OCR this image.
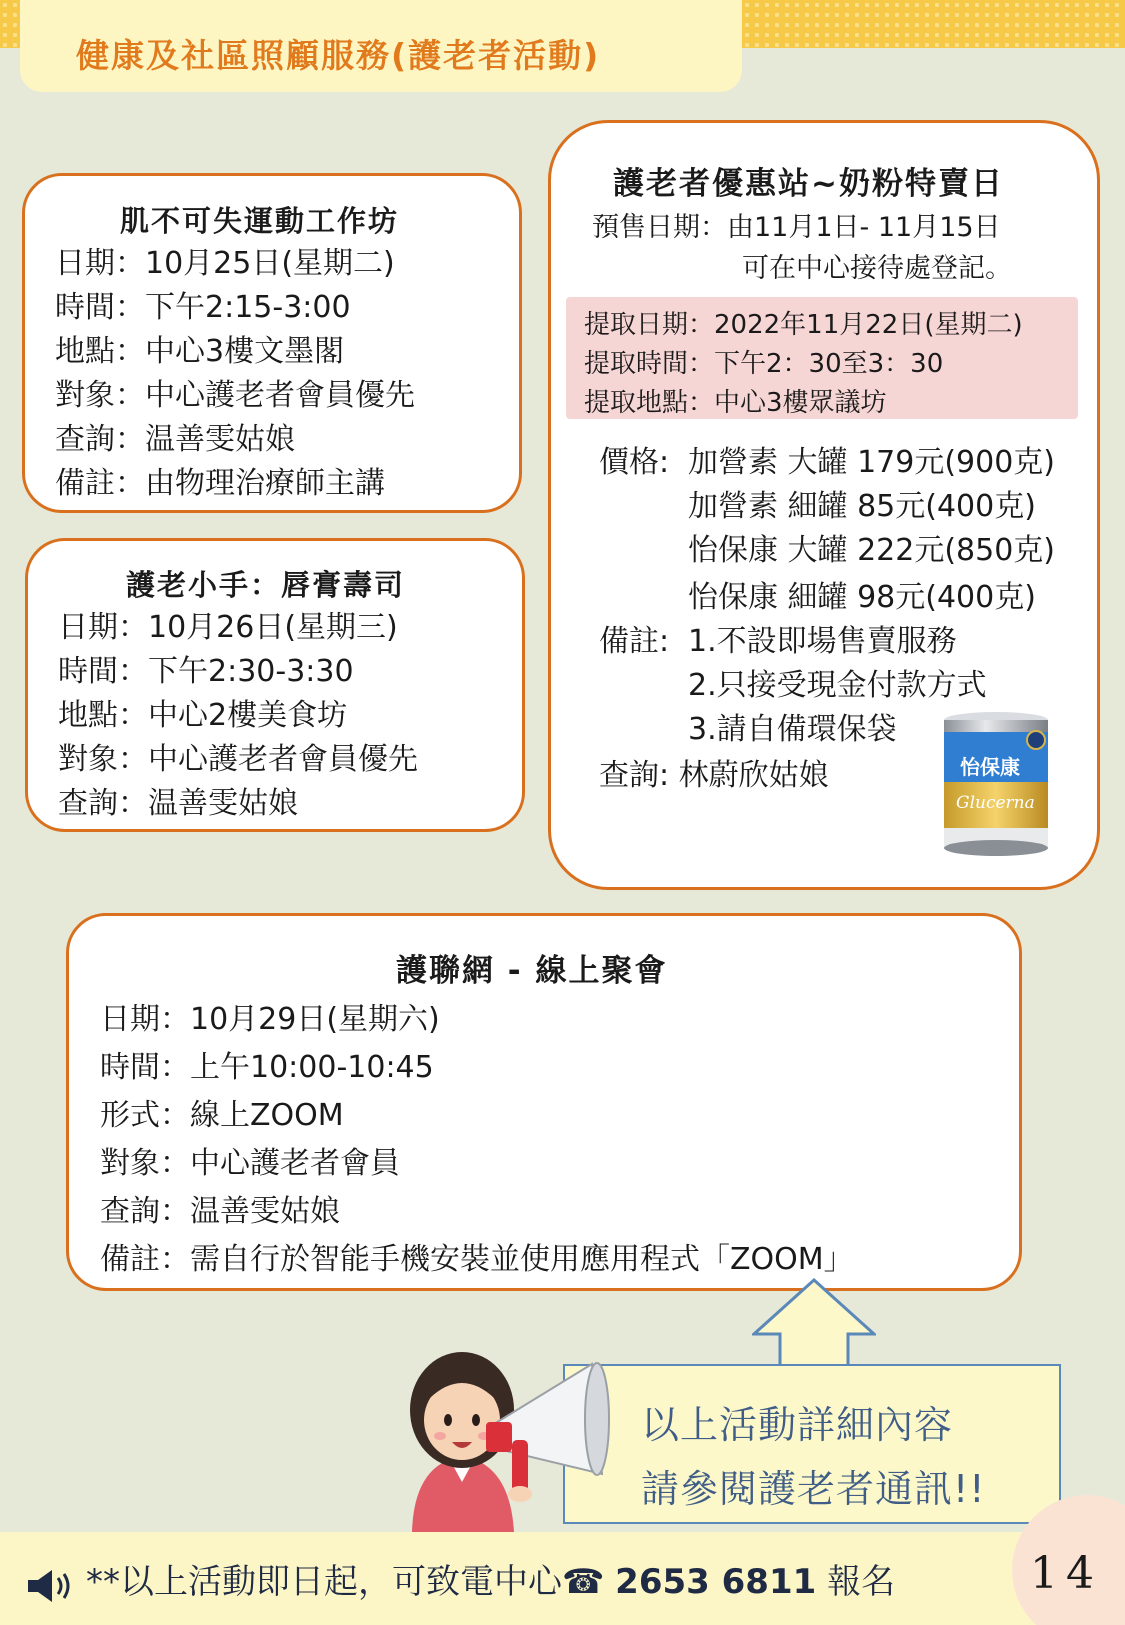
健康及社區照顧服務(護老者活動)
肌不可失運動工作坊
日期：10月25日(星期二)
時間：下午2:15-3:00
地點：中心3樓文墨閣
對象：中心護老者會員優先
查詢：温善雯姑娘
備註：由物理治療師主講
護老小手：唇膏壽司
日期：10月26日(星期三)
時間：下午2:30-3:30
地點：中心2樓美食坊
對象：中心護老者會員優先
查詢：温善雯姑娘
護老者優惠站~奶粉特賣日
預售日期：由11月1日- 11月15日
可在中心接待處登記。
提取日期：2022年11月22日(星期二)
提取時間：下午2：30至3：30
提取地點：中心3樓眾議坊
價格: 加營素 大罐 179元(900克)
加營素 細罐 85元(400克)
怡保康 大罐 222元(850克)
怡保康 細罐 98元(400克)
備註: 1.不設即場售賣服務
2.只接受現金付款方式
3.請自備環保袋
查詢: 林蔚欣姑娘	怡保康
Glucerna
護聯網 - 線上聚會
日期：10月29日(星期六)
時間：上午10:00-10:45
形式：線上ZOOM
對象：中心護老者會員
查詢：温善雯姑娘
備註：需自行於智能手機安裝並使用應用程式「ZOOM」
以上活動詳細內容
請參閱護老者通訊!!
**以上活動即日起，可致電中心☎ 2653 6811 報名	14
